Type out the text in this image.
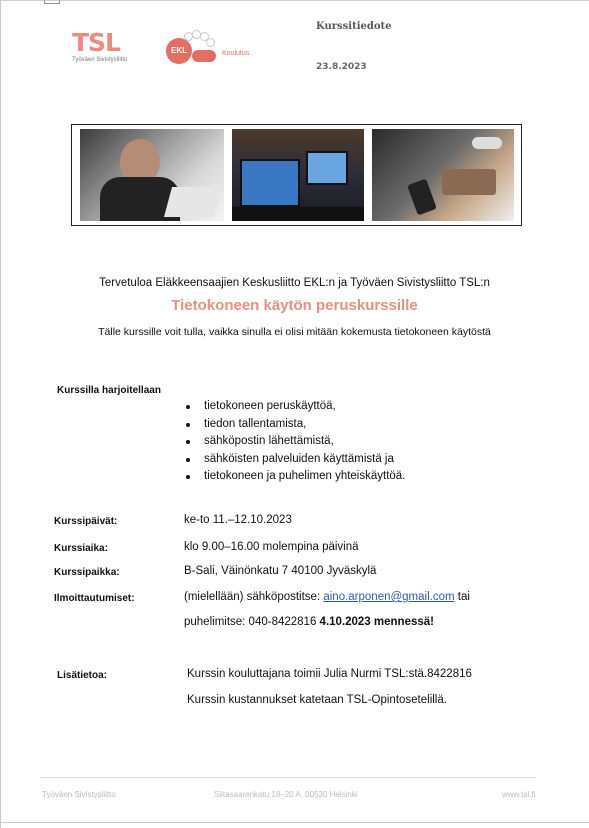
TSL
Työväen Sivistysliitto
EKL	Koulutus
Kurssitiedote
23.8.2023
Tervetuloa Eläkkeensaajien Keskusliitto EKL:n ja Työväen Sivistysliitto TSL:n
Tietokoneen käytön peruskurssille
Tälle kurssille voit tulla, vaikka sinulla ei olisi mitään kokemusta tietokoneen käytöstä
Kurssilla harjoitellaan
tietokoneen peruskäyttöä,
tiedon tallentamista,
sähköpostin lähettämistä,
sähköisten palveluiden käyttämistä ja
tietokoneen ja puhelimen yhteiskäyttöä.
Kurssipäivät:	ke-to 11.–12.10.2023
Kurssiaika:	klo 9.00–16.00 molempina päivinä
Kurssipaikka:	B-Sali, Väinönkatu 7 40100 Jyväskylä
Ilmoittautumiset:	(mielellään) sähköpostitse: aino.arponen@gmail.com tai
puhelimitse: 040-8422816 4.10.2023 mennessä!
Lisätietoa:	Kurssin kouluttajana toimii Julia Nurmi TSL:stä.8422816
Kurssin kustannukset katetaan TSL-Opintosetelillä.
Työväen Sivistysliitto	Siltasaarenkatu 18–20 A, 00530 Helsinki	www.tsl.fi
